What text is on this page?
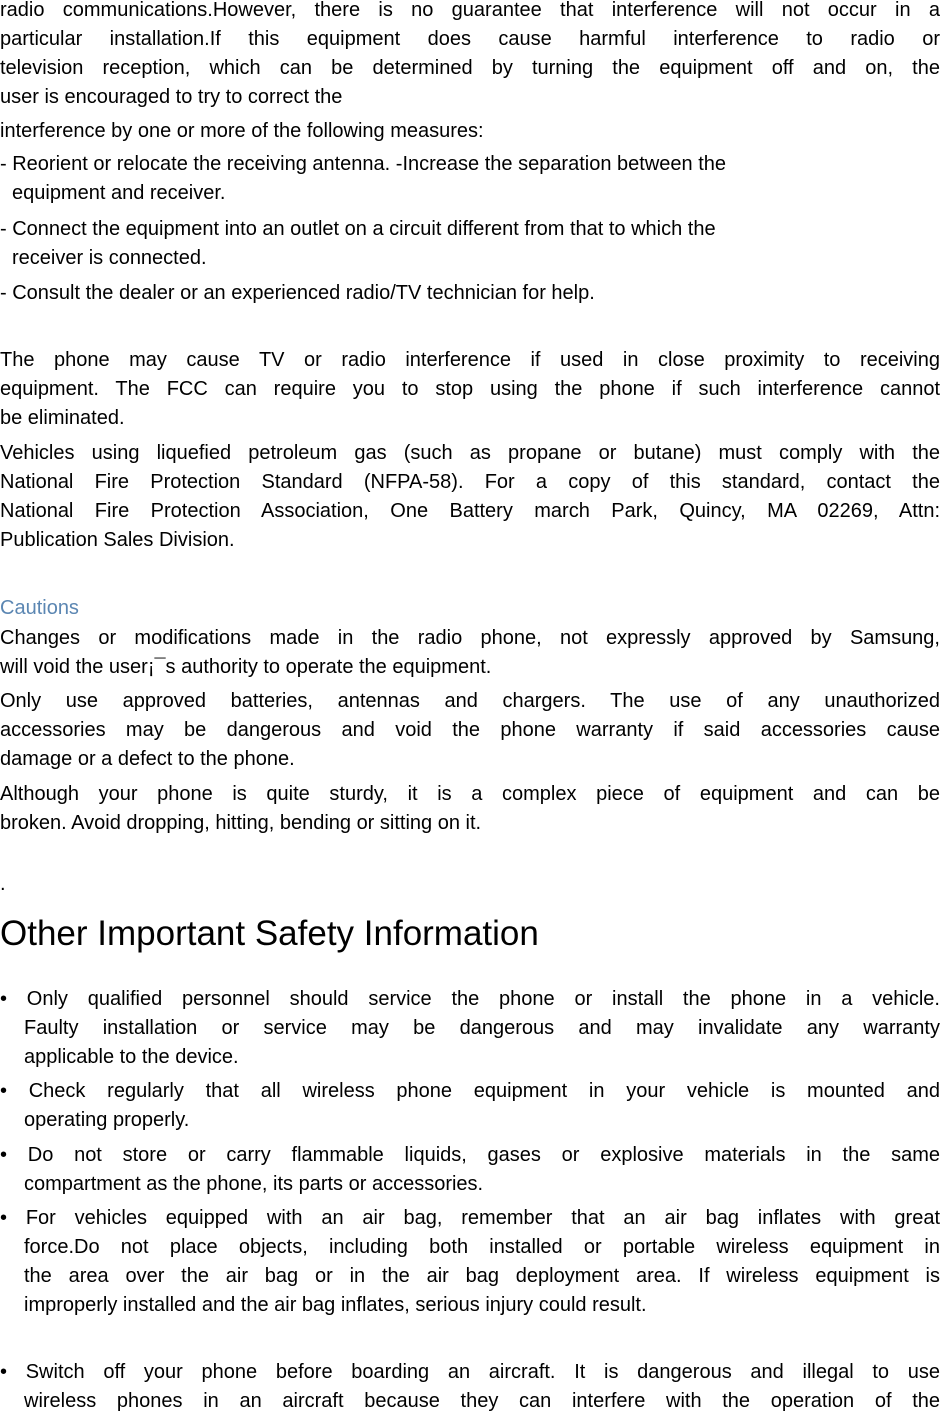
radio communications.However, there is no guarantee that interference will not occur in a

particular installation.If this equipment does cause harmful interference to radio or

television reception, which can be determined by turning the equipment off and on, the

user is encouraged to try to correct the

interference by one or more of the following measures:

- Reorient or relocate the receiving antenna. -Increase the separation between the

equipment and receiver.

- Connect the equipment into an outlet on a circuit different from that to which the

receiver is connected.

- Consult the dealer or an experienced radio/TV technician for help.

The phone may cause TV or radio interference if used in close proximity to receiving

equipment. The FCC can require you to stop using the phone if such interference cannot

be eliminated.

Vehicles using liquefied petroleum gas (such as propane or butane) must comply with the

National Fire Protection Standard (NFPA-58). For a copy of this standard, contact the

National Fire Protection Association, One Battery march Park, Quincy, MA 02269, Attn:

Publication Sales Division.

Cautions

Changes or modifications made in the radio phone, not expressly approved by Samsung,

will void the user¡¯s authority to operate the equipment.

Only use approved batteries, antennas and chargers. The use of any unauthorized

accessories may be dangerous and void the phone warranty if said accessories cause

damage or a defect to the phone.

Although your phone is quite sturdy, it is a complex piece of equipment and can be

broken. Avoid dropping, hitting, bending or sitting on it.

.

Other Important Safety Information

• Only qualified personnel should service the phone or install the phone in a vehicle.

Faulty installation or service may be dangerous and may invalidate any warranty

applicable to the device.

• Check regularly that all wireless phone equipment in your vehicle is mounted and

operating properly.

• Do not store or carry flammable liquids, gases or explosive materials in the same

compartment as the phone, its parts or accessories.

• For vehicles equipped with an air bag, remember that an air bag inflates with great

force.Do not place objects, including both installed or portable wireless equipment in

the area over the air bag or in the air bag deployment area. If wireless equipment is

improperly installed and the air bag inflates, serious injury could result.

• Switch off your phone before boarding an aircraft. It is dangerous and illegal to use

wireless phones in an aircraft because they can interfere with the operation of the
